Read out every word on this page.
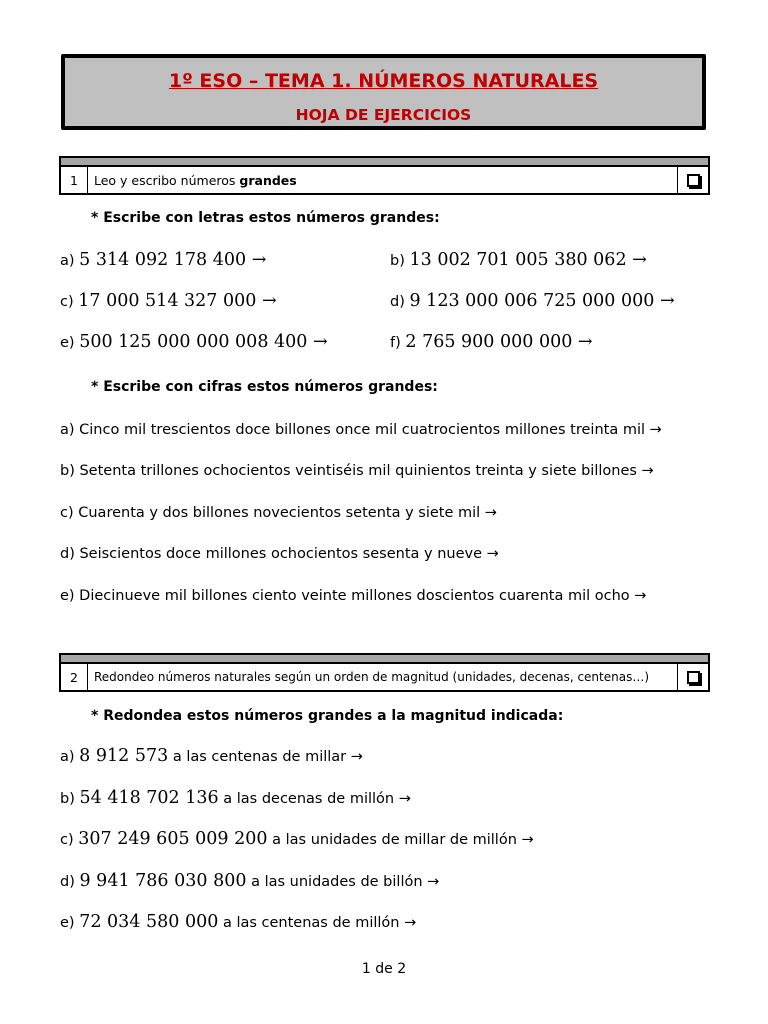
1º ESO – TEMA 1. NÚMEROS NATURALES
HOJA DE EJERCICIOS
1	Leo y escribo números grandes
* Escribe con letras estos números grandes:
a) 5 314 092 178 400 →	b) 13 002 701 005 380 062 →
c) 17 000 514 327 000 →	d) 9 123 000 006 725 000 000 →
e) 500 125 000 000 008 400 →	f) 2 765 900 000 000 →
* Escribe con cifras estos números grandes:
a) Cinco mil trescientos doce billones once mil cuatrocientos millones treinta mil →
b) Setenta trillones ochocientos veintiséis mil quinientos treinta y siete billones →
c) Cuarenta y dos billones novecientos setenta y siete mil →
d) Seiscientos doce millones ochocientos sesenta y nueve →
e) Diecinueve mil billones ciento veinte millones doscientos cuarenta mil ocho →
2	Redondeo números naturales según un orden de magnitud (unidades, decenas, centenas…)
* Redondea estos números grandes a la magnitud indicada:
a) 8 912 573 a las centenas de millar →
b) 54 418 702 136 a las decenas de millón →
c) 307 249 605 009 200 a las unidades de millar de millón →
d) 9 941 786 030 800 a las unidades de billón →
e) 72 034 580 000 a las centenas de millón →
1 de 2
